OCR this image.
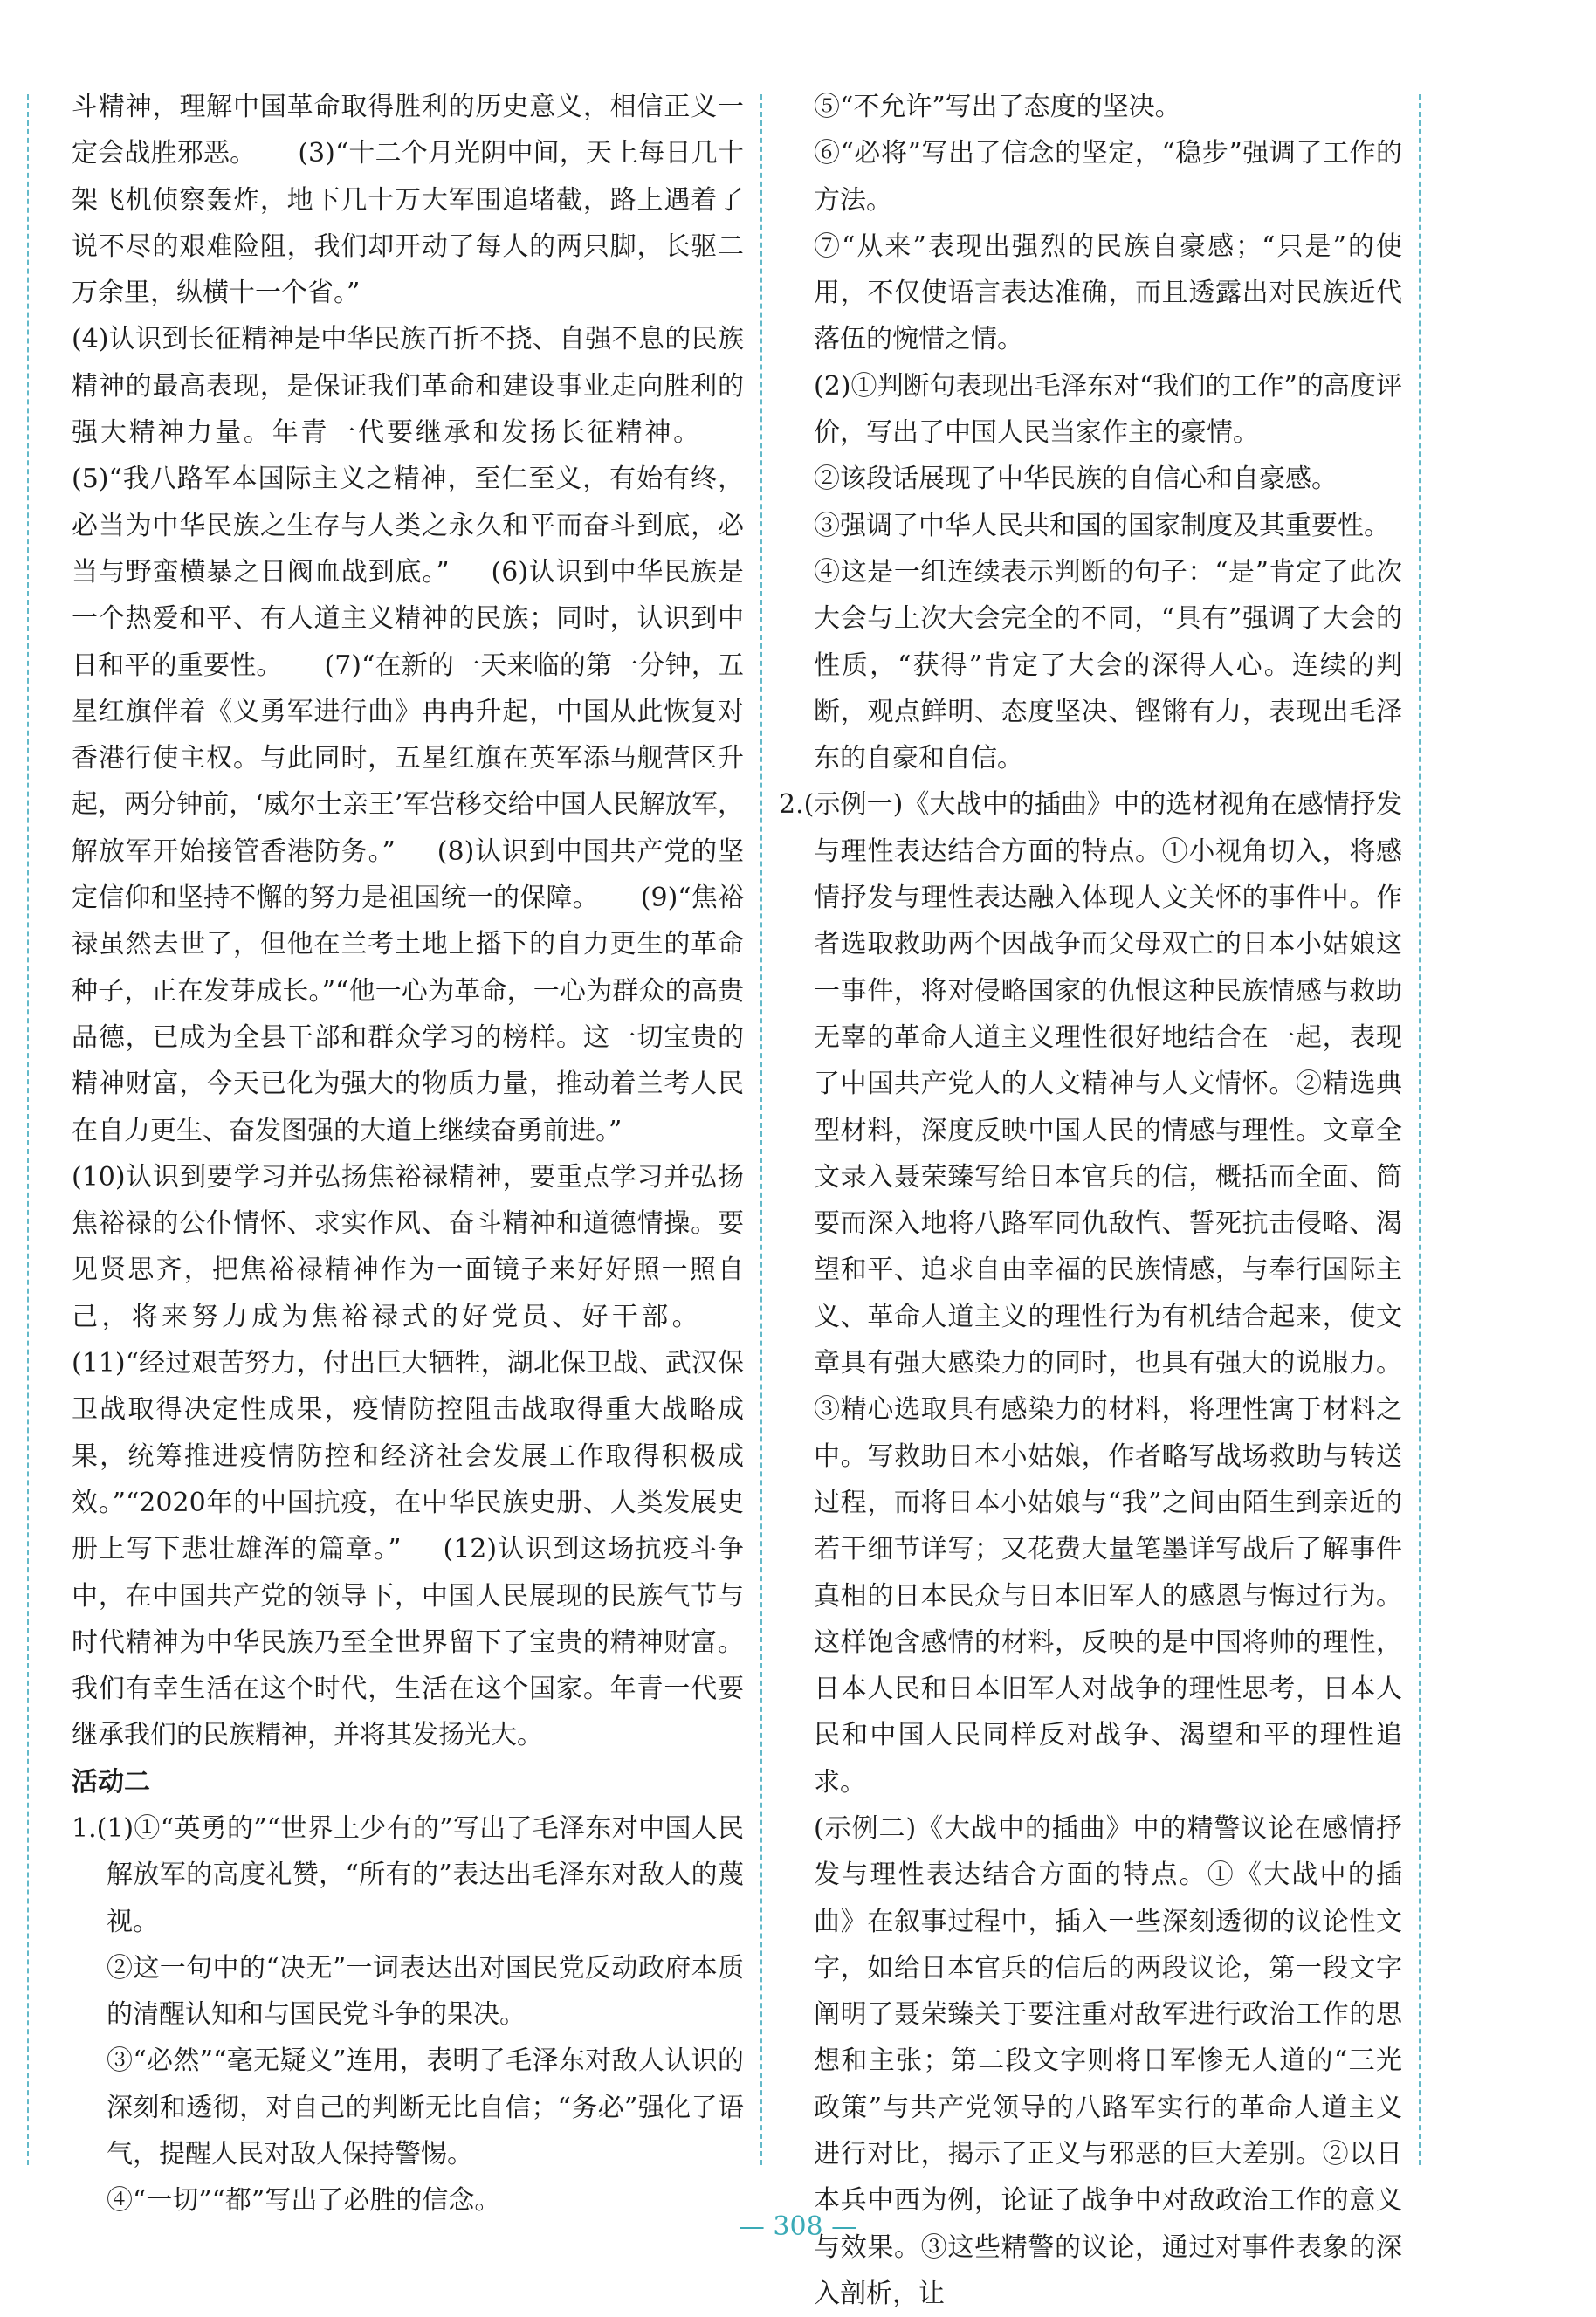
斗精神，理解中国革命取得胜利的历史意义，相信正义一定会战胜邪恶。 (3)“十二个月光阴中间，天上每日几十架飞机侦察轰炸，地下几十万大军围追堵截，路上遇着了说不尽的艰难险阻，我们却开动了每人的两只脚，长驱二万余里，纵横十一个省。”

(4)认识到长征精神是中华民族百折不挠、自强不息的民族精神的最高表现，是保证我们革命和建设事业走向胜利的强大精神力量。年青一代要继承和发扬长征精神。(5)“我八路军本国际主义之精神，至仁至义，有始有终，必当为中华民族之生存与人类之永久和平而奋斗到底，必当与野蛮横暴之日阀血战到底。” (6)认识到中华民族是一个热爱和平、有人道主义精神的民族；同时，认识到中日和平的重要性。 (7)“在新的一天来临的第一分钟，五星红旗伴着《义勇军进行曲》冉冉升起，中国从此恢复对香港行使主权。与此同时，五星红旗在英军添马舰营区升起，两分钟前，‘威尔士亲王’军营移交给中国人民解放军，解放军开始接管香港防务。” (8)认识到中国共产党的坚定信仰和坚持不懈的努力是祖国统一的保障。 (9)“焦裕禄虽然去世了，但他在兰考土地上播下的自力更生的革命种子，正在发芽成长。”“他一心为革命，一心为群众的高贵品德，已成为全县干部和群众学习的榜样。这一切宝贵的精神财富，今天已化为强大的物质力量，推动着兰考人民在自力更生、奋发图强的大道上继续奋勇前进。”

(10)认识到要学习并弘扬焦裕禄精神，要重点学习并弘扬焦裕禄的公仆情怀、求实作风、奋斗精神和道德情操。要见贤思齐，把焦裕禄精神作为一面镜子来好好照一照自己，将来努力成为焦裕禄式的好党员、好干部。(11)“经过艰苦努力，付出巨大牺牲，湖北保卫战、武汉保卫战取得决定性成果，疫情防控阻击战取得重大战略成果，统筹推进疫情防控和经济社会发展工作取得积极成效。”“2020年的中国抗疫，在中华民族史册、人类发展史册上写下悲壮雄浑的篇章。” (12)认识到这场抗疫斗争中，在中国共产党的领导下，中国人民展现的民族气节与时代精神为中华民族乃至全世界留下了宝贵的精神财富。我们有幸生活在这个时代，生活在这个国家。年青一代要继承我们的民族精神，并将其发扬光大。

活动二

1.(1)①“英勇的”“世界上少有的”写出了毛泽东对中国人民解放军的高度礼赞，“所有的”表达出毛泽东对敌人的蔑视。

②这一句中的“决无”一词表达出对国民党反动政府本质的清醒认知和与国民党斗争的果决。

③“必然”“毫无疑义”连用，表明了毛泽东对敌人认识的深刻和透彻，对自己的判断无比自信；“务必”强化了语气，提醒人民对敌人保持警惕。

④“一切”“都”写出了必胜的信念。

⑤“不允许”写出了态度的坚决。

⑥“必将”写出了信念的坚定，“稳步”强调了工作的方法。

⑦“从来”表现出强烈的民族自豪感；“只是”的使用，不仅使语言表达准确，而且透露出对民族近代落伍的惋惜之情。

(2)①判断句表现出毛泽东对“我们的工作”的高度评价，写出了中国人民当家作主的豪情。

②该段话展现了中华民族的自信心和自豪感。

③强调了中华人民共和国的国家制度及其重要性。

④这是一组连续表示判断的句子：“是”肯定了此次大会与上次大会完全的不同，“具有”强调了大会的性质，“获得”肯定了大会的深得人心。连续的判断，观点鲜明、态度坚决、铿锵有力，表现出毛泽东的自豪和自信。

2.(示例一)《大战中的插曲》中的选材视角在感情抒发与理性表达结合方面的特点。①小视角切入，将感情抒发与理性表达融入体现人文关怀的事件中。作者选取救助两个因战争而父母双亡的日本小姑娘这一事件，将对侵略国家的仇恨这种民族情感与救助无辜的革命人道主义理性很好地结合在一起，表现了中国共产党人的人文精神与人文情怀。②精选典型材料，深度反映中国人民的情感与理性。文章全文录入聂荣臻写给日本官兵的信，概括而全面、简要而深入地将八路军同仇敌忾、誓死抗击侵略、渴望和平、追求自由幸福的民族情感，与奉行国际主义、革命人道主义的理性行为有机结合起来，使文章具有强大感染力的同时，也具有强大的说服力。③精心选取具有感染力的材料，将理性寓于材料之中。写救助日本小姑娘，作者略写战场救助与转送过程，而将日本小姑娘与“我”之间由陌生到亲近的若干细节详写；又花费大量笔墨详写战后了解事件真相的日本民众与日本旧军人的感恩与悔过行为。这样饱含感情的材料，反映的是中国将帅的理性，日本人民和日本旧军人对战争的理性思考，日本人民和中国人民同样反对战争、渴望和平的理性追求。

(示例二)《大战中的插曲》中的精警议论在感情抒发与理性表达结合方面的特点。①《大战中的插曲》在叙事过程中，插入一些深刻透彻的议论性文字，如给日本官兵的信后的两段议论，第一段文字阐明了聂荣臻关于要注重对敌军进行政治工作的思想和主张；第二段文字则将日军惨无人道的“三光政策”与共产党领导的八路军实行的革命人道主义进行对比，揭示了正义与邪恶的巨大差别。②以日本兵中西为例，论证了战争中对敌政治工作的意义与效果。③这些精警的议论，通过对事件表象的深入剖析，让

— 308 —
